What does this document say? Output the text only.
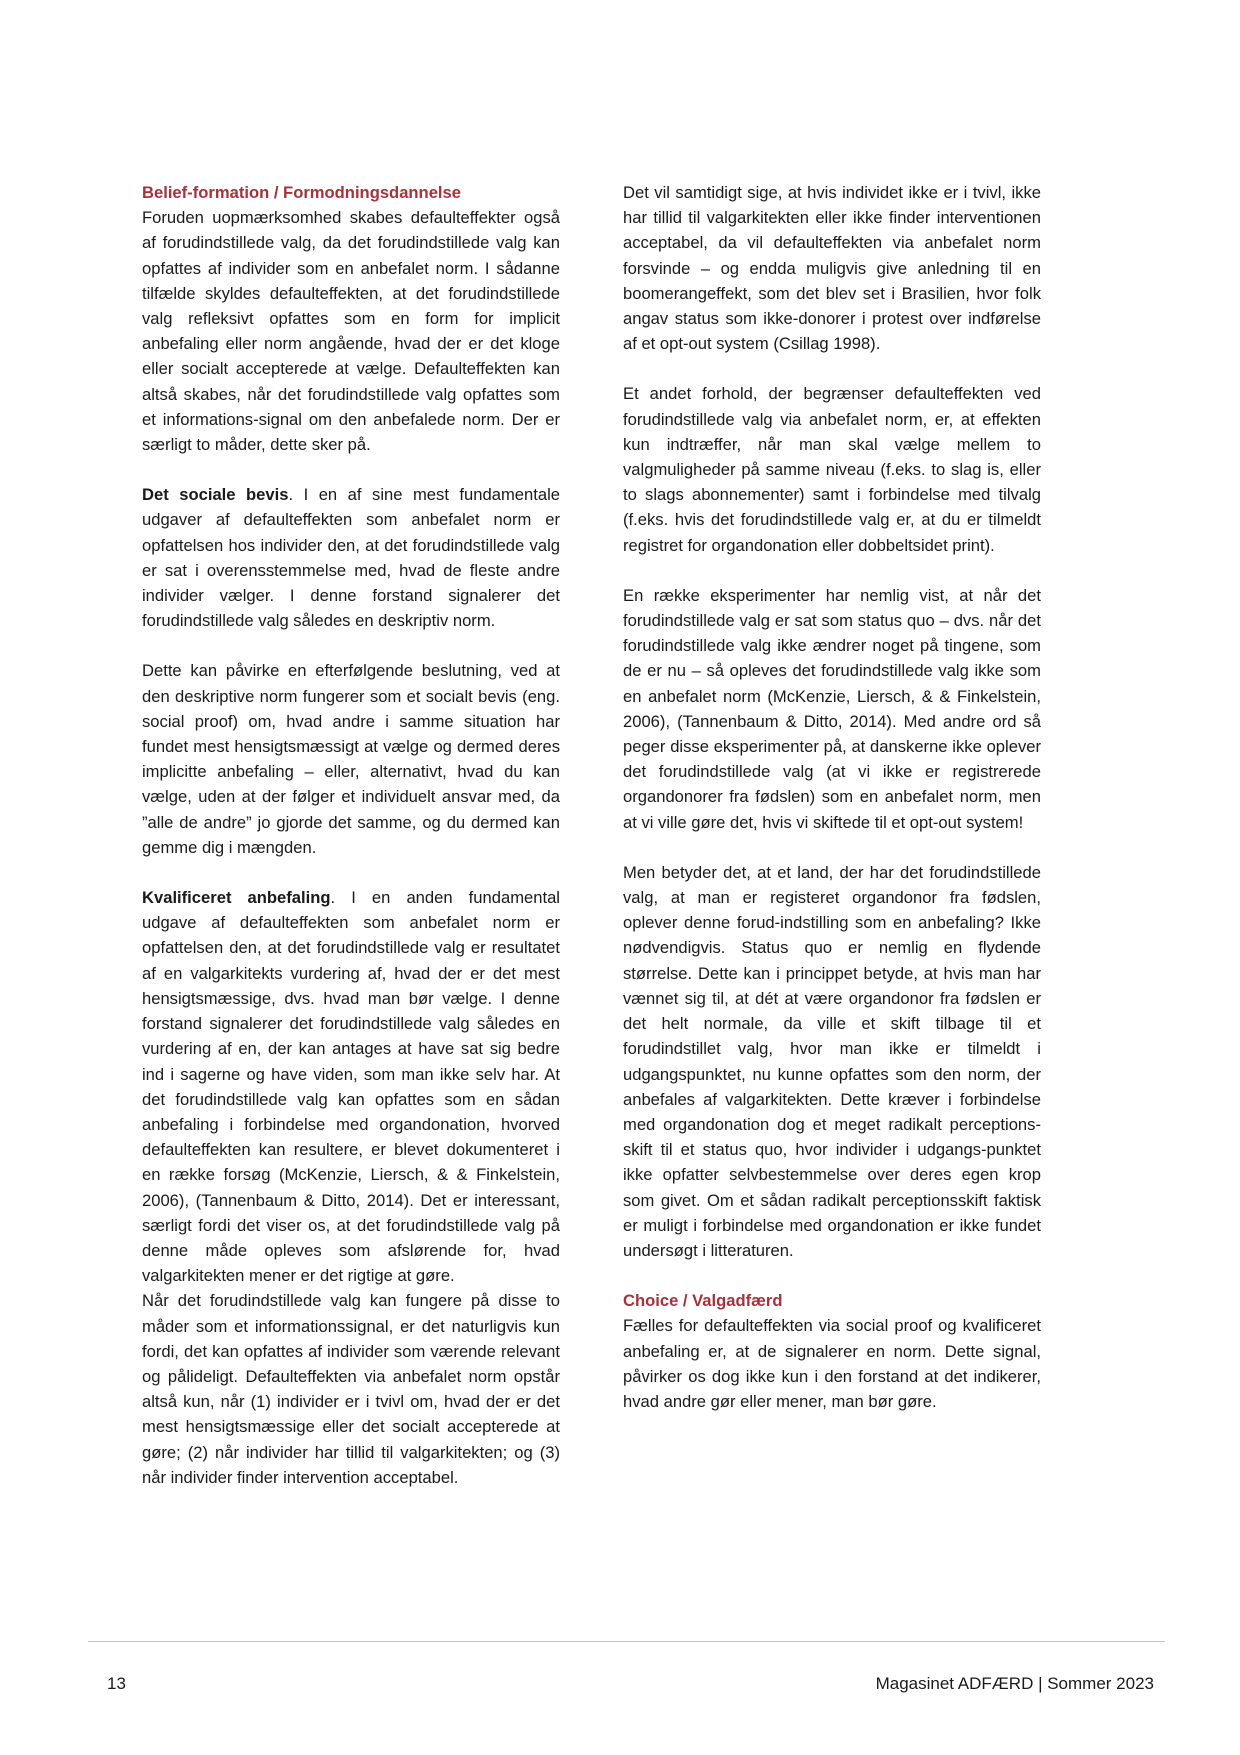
Belief-formation / Formodningsdannelse

Foruden uopmærksomhed skabes defaulteffekter også af forudindstillede valg, da det forudindstillede valg kan opfattes af individer som en anbefalet norm. I sådanne tilfælde skyldes defaulteffekten, at det forudindstillede valg refleksivt opfattes som en form for implicit anbefaling eller norm angående, hvad der er det kloge eller socialt accepterede at vælge. Defaulteffekten kan altså skabes, når det forudindstillede valg opfattes som et informations-signal om den anbefalede norm. Der er særligt to måder, dette sker på.

Det sociale bevis. I en af sine mest fundamentale udgaver af defaulteffekten som anbefalet norm er opfattelsen hos individer den, at det forudindstillede valg er sat i overensstemmelse med, hvad de fleste andre individer vælger. I denne forstand signalerer det forudindstillede valg således en deskriptiv norm.

Dette kan påvirke en efterfølgende beslutning, ved at den deskriptive norm fungerer som et socialt bevis (eng. social proof) om, hvad andre i samme situation har fundet mest hensigtsmæssigt at vælge og dermed deres implicitte anbefaling – eller, alternativt, hvad du kan vælge, uden at der følger et individuelt ansvar med, da ”alle de andre” jo gjorde det samme, og du dermed kan gemme dig i mængden.

Kvalificeret anbefaling. I en anden fundamental udgave af defaulteffekten som anbefalet norm er opfattelsen den, at det forudindstillede valg er resultatet af en valgarkitekts vurdering af, hvad der er det mest hensigtsmæssige, dvs. hvad man bør vælge. I denne forstand signalerer det forudindstillede valg således en vurdering af en, der kan antages at have sat sig bedre ind i sagerne og have viden, som man ikke selv har. At det forudindstillede valg kan opfattes som en sådan anbefaling i forbindelse med organdonation, hvorved defaulteffekten kan resultere, er blevet dokumenteret i en række forsøg (McKenzie, Liersch, & & Finkelstein, 2006), (Tannenbaum & Ditto, 2014). Det er interessant, særligt fordi det viser os, at det forudindstillede valg på denne måde opleves som afslørende for, hvad valgarkitekten mener er det rigtige at gøre.

Når det forudindstillede valg kan fungere på disse to måder som et informationssignal, er det naturligvis kun fordi, det kan opfattes af individer som værende relevant og pålideligt. Defaulteffekten via anbefalet norm opstår altså kun, når (1) individer er i tvivl om, hvad der er det mest hensigtsmæssige eller det socialt accepterede at gøre; (2) når individer har tillid til valgarkitekten; og (3) når individer finder intervention acceptabel.

Det vil samtidigt sige, at hvis individet ikke er i tvivl, ikke har tillid til valgarkitekten eller ikke finder interventionen acceptabel, da vil defaulteffekten via anbefalet norm forsvinde – og endda muligvis give anledning til en boomerangeffekt, som det blev set i Brasilien, hvor folk angav status som ikke-donorer i protest over indførelse af et opt-out system (Csillag 1998).

Et andet forhold, der begrænser defaulteffekten ved forudindstillede valg via anbefalet norm, er, at effekten kun indtræffer, når man skal vælge mellem to valgmuligheder på samme niveau (f.eks. to slag is, eller to slags abonnementer) samt i forbindelse med tilvalg (f.eks. hvis det forudindstillede valg er, at du er tilmeldt registret for organdonation eller dobbeltsidet print).

En række eksperimenter har nemlig vist, at når det forudindstillede valg er sat som status quo – dvs. når det forudindstillede valg ikke ændrer noget på tingene, som de er nu – så opleves det forudindstillede valg ikke som en anbefalet norm (McKenzie, Liersch, & & Finkelstein, 2006), (Tannenbaum & Ditto, 2014). Med andre ord så peger disse eksperimenter på, at danskerne ikke oplever det forudindstillede valg (at vi ikke er registrerede organdonorer fra fødslen) som en anbefalet norm, men at vi ville gøre det, hvis vi skiftede til et opt-out system!

Men betyder det, at et land, der har det forudindstillede valg, at man er registeret organdonor fra fødslen, oplever denne forud-indstilling som en anbefaling? Ikke nødvendigvis. Status quo er nemlig en flydende størrelse. Dette kan i princippet betyde, at hvis man har vænnet sig til, at dét at være organdonor fra fødslen er det helt normale, da ville et skift tilbage til et forudindstillet valg, hvor man ikke er tilmeldt i udgangspunktet, nu kunne opfattes som den norm, der anbefales af valgarkitekten. Dette kræver i forbindelse med organdonation dog et meget radikalt perceptions-skift til et status quo, hvor individer i udgangs-punktet ikke opfatter selvbestemmelse over deres egen krop som givet. Om et sådan radikalt perceptionsskift faktisk er muligt i forbindelse med organdonation er ikke fundet undersøgt i litteraturen.

Choice / Valgadfærd

Fælles for defaulteffekten via social proof og kvalificeret anbefaling er, at de signalerer en norm. Dette signal, påvirker os dog ikke kun i den forstand at det indikerer, hvad andre gør eller mener, man bør gøre.

13	Magasinet ADFÆRD | Sommer 2023
